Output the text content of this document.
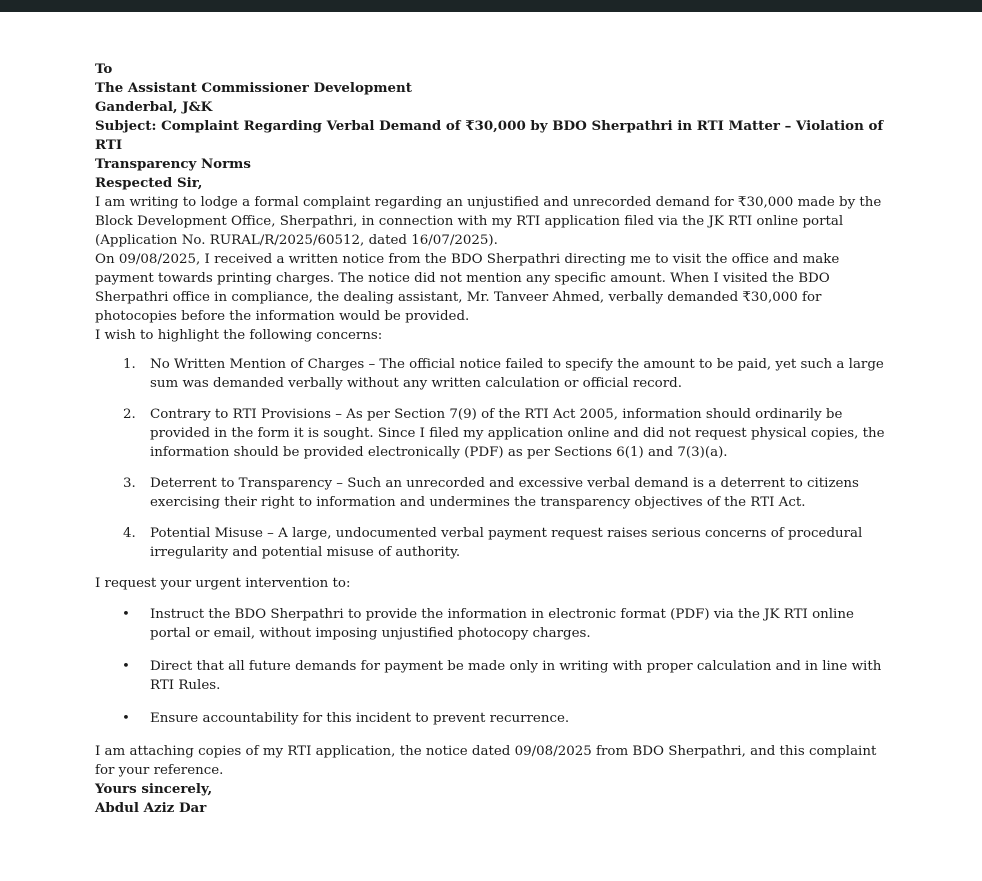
To

The Assistant Commissioner Development

Ganderbal, J&K

Subject: Complaint Regarding Verbal Demand of ₹30,000 by BDO Sherpathri in RTI Matter – Violation of RTI
Transparency Norms

Respected Sir,

I am writing to lodge a formal complaint regarding an unjustified and unrecorded demand for ₹30,000 made by the Block Development Office, Sherpathri, in connection with my RTI application filed via the JK RTI online portal (Application No. RURAL/R/2025/60512, dated 16/07/2025).

On 09/08/2025, I received a written notice from the BDO Sherpathri directing me to visit the office and make payment towards printing charges. The notice did not mention any specific amount. When I visited the BDO Sherpathri office in compliance, the dealing assistant, Mr. Tanveer Ahmed, verbally demanded ₹30,000 for photocopies before the information would be provided.

I wish to highlight the following concerns:

1. No Written Mention of Charges – The official notice failed to specify the amount to be paid, yet such a large sum was demanded verbally without any written calculation or official record.
2. Contrary to RTI Provisions – As per Section 7(9) of the RTI Act 2005, information should ordinarily be provided in the form it is sought. Since I filed my application online and did not request physical copies, the information should be provided electronically (PDF) as per Sections 6(1) and 7(3)(a).
3. Deterrent to Transparency – Such an unrecorded and excessive verbal demand is a deterrent to citizens exercising their right to information and undermines the transparency objectives of the RTI Act.
4. Potential Misuse – A large, undocumented verbal payment request raises serious concerns of procedural irregularity and potential misuse of authority.

I request your urgent intervention to:

• Instruct the BDO Sherpathri to provide the information in electronic format (PDF) via the JK RTI online portal or email, without imposing unjustified photocopy charges.
• Direct that all future demands for payment be made only in writing with proper calculation and in line with RTI Rules.
• Ensure accountability for this incident to prevent recurrence.

I am attaching copies of my RTI application, the notice dated 09/08/2025 from BDO Sherpathri, and this complaint for your reference.

Yours sincerely,

Abdul Aziz Dar
